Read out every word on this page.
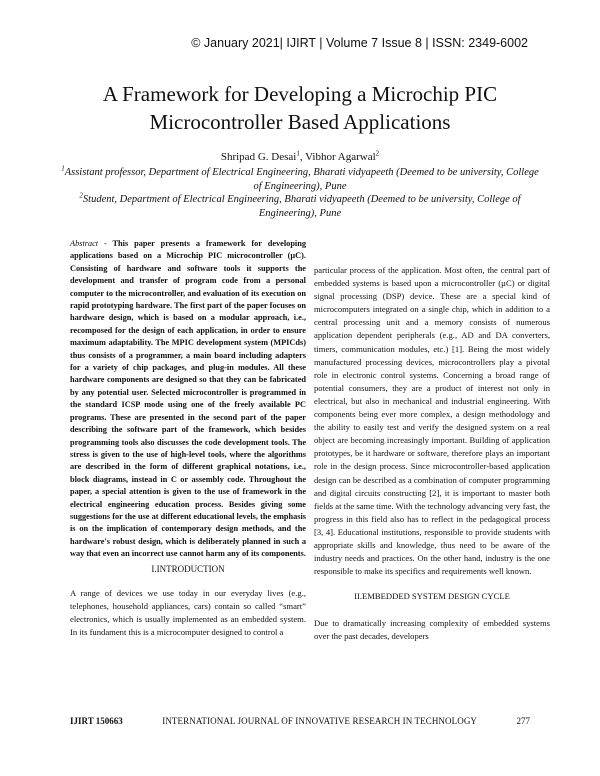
© January 2021| IJIRT | Volume 7 Issue 8 | ISSN: 2349-6002
A Framework for Developing a Microchip PIC Microcontroller Based Applications
Shripad G. Desai$^1$, Vibhor Agarwal$^2$
$^1$Assistant professor, Department of Electrical Engineering, Bharati vidyapeeth (Deemed to be university, College of Engineering), Pune
$^2$Student, Department of Electrical Engineering, Bharati vidyapeeth (Deemed to be university, College of Engineering), Pune

Abstract - This paper presents a framework for developing applications based on a Microchip PIC microcontroller (µC). Consisting of hardware and software tools it supports the development and transfer of program code from a personal computer to the microcontroller, and evaluation of its execution on rapid prototyping hardware. The first part of the paper focuses on hardware design, which is based on a modular approach, i.e., recomposed for the design of each application, in order to ensure maximum adaptability. The MPIC development system (MPICds) thus consists of a programmer, a main board including adapters for a variety of chip packages, and plug-in modules. All these hardware components are designed so that they can be fabricated by any potential user. Selected microcontroller is programmed in the standard ICSP mode using one of the freely available PC programs. These are presented in the second part of the paper describing the software part of the framework, which besides programming tools also discusses the code development tools. The stress is given to the use of high-level tools, where the algorithms are described in the form of different graphical notations, i.e., block diagrams, instead in C or assembly code. Throughout the paper, a special attention is given to the use of framework in the electrical engineering education process. Besides giving some suggestions for the use at different educational levels, the emphasis is on the implication of contemporary design methods, and the hardware's robust design, which is deliberately planned in such a way that even an incorrect use cannot harm any of its components.

I.INTRODUCTION

A range of devices we use today in our everyday lives (e.g., telephones, household appliances, cars) contain so called “smart” electronics, which is usually implemented as an embedded system. In its fundament this is a microcomputer designed to control a

particular process of the application. Most often, the central part of embedded systems is based upon a microcontroller (µC) or digital signal processing (DSP) device. These are a special kind of microcomputers integrated on a single chip, which in addition to a central processing unit and a memory consists of numerous application dependent peripherals (e.g., AD and DA converters, timers, communication modules, etc.) [1]. Being the most widely manufactured processing devices, microcontrollers play a pivotal role in electronic control systems. Concerning a broad range of potential consumers, they are a product of interest not only in electrical, but also in mechanical and industrial engineering. With components being ever more complex, a design methodology and the ability to easily test and verify the designed system on a real object are becoming increasingly important. Building of application prototypes, be it hardware or software, therefore plays an important role in the design process. Since microcontroller-based application design can be described as a combination of computer programming and digital circuits constructing [2], it is important to master both fields at the same time. With the technology advancing very fast, the progress in this field also has to reflect in the pedagogical process [3, 4]. Educational institutions, responsible to provide students with appropriate skills and knowledge, thus need to be aware of the industry needs and practices. On the other hand, industry is the one responsible to make its specifics and requirements well known.

II.EMBEDDED SYSTEM DESIGN CYCLE

Due to dramatically increasing complexity of embedded systems over the past decades, developers

IJIRT 150663	INTERNATIONAL JOURNAL OF INNOVATIVE RESEARCH IN TECHNOLOGY	277
